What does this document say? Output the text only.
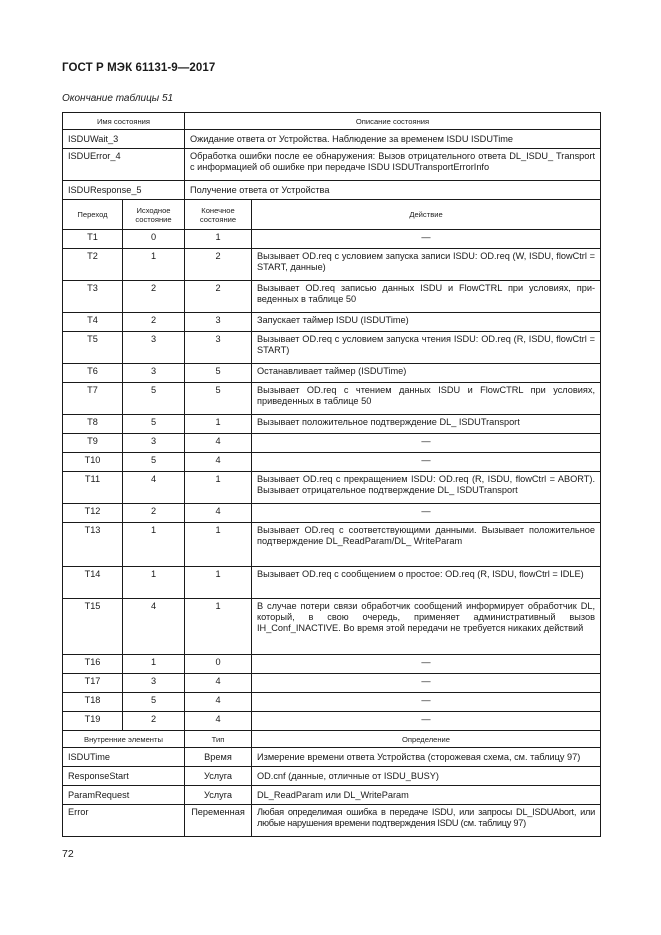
ГОСТ Р МЭК 61131-9—2017
Окончание таблицы 51
Имя состояния		Описание состояния	
ISDUWait_3		Ожидание ответа от Устройства. Наблюдение за временем ISDU ISDUTime	
ISDUError_4		Обработка ошибки после ее обнаружения: Вызов отрицательного ответа DL_ISDU_ Transport с информацией об ошибке при передаче ISDU ISDUTransportErrorInfo	
ISDUResponse_5		Получение ответа от Устройства	
Переход	Исходное состояние	Конечное состояние	Действие
T1	0	1	—
T2	1	2	Вызывает OD.req с условием запуска записи ISDU: OD.req (W, ISDU, flowCtrl = START, данные)
T3	2	2	Вызывает OD.req записью данных ISDU и FlowCTRL при условиях, приведенных в таблице 50
T4	2	3	Запускает таймер ISDU (ISDUTime)
T5	3	3	Вызывает OD.req с условием запуска чтения ISDU: OD.req (R, ISDU, flowCtrl = START)
T6	3	5	Останавливает таймер (ISDUTime)
T7	5	5	Вызывает OD.req с чтением данных ISDU и FlowCTRL при условиях, приведенных в таблице 50
T8	5	1	Вызывает положительное подтверждение DL_ ISDUTransport
T9	3	4	—
T10	5	4	—
T11	4	1	Вызывает OD.req с прекращением ISDU: OD.req (R, ISDU, flowCtrl = ABORT). Вызывает отрицательное подтверждение DL_ ISDUTransport
T12	2	4	—
T13	1	1	Вызывает OD.req с соответствующими данными. Вызывает положительное подтверждение DL_ReadParam/DL_ WriteParam
T14	1	1	Вызывает OD.req с сообщением о простое: OD.req (R, ISDU, flowCtrl = IDLE)
T15	4	1	В случае потери связи обработчик сообщений информирует обработчик DL, который, в свою очередь, применяет административный вызов IH_Conf_INACTIVE. Во время этой передачи не требуется никаких действий
T16	1	0	—
T17	3	4	—
T18	5	4	—
T19	2	4	—
Внутренние элементы		Тип	Определение
ISDUTime		Время	Измерение времени ответа Устройства (сторожевая схема, см. таблицу 97)
ResponseStart		Услуга	OD.cnf (данные, отличные от ISDU_BUSY)
ParamRequest		Услуга	DL_ReadParam или DL_WriteParam
Error		Переменная	Любая определимая ошибка в передаче ISDU, или запросы DL_ISDUAbort, или любые нарушения времени подтверждения ISDU (см. таблицу 97)
72
